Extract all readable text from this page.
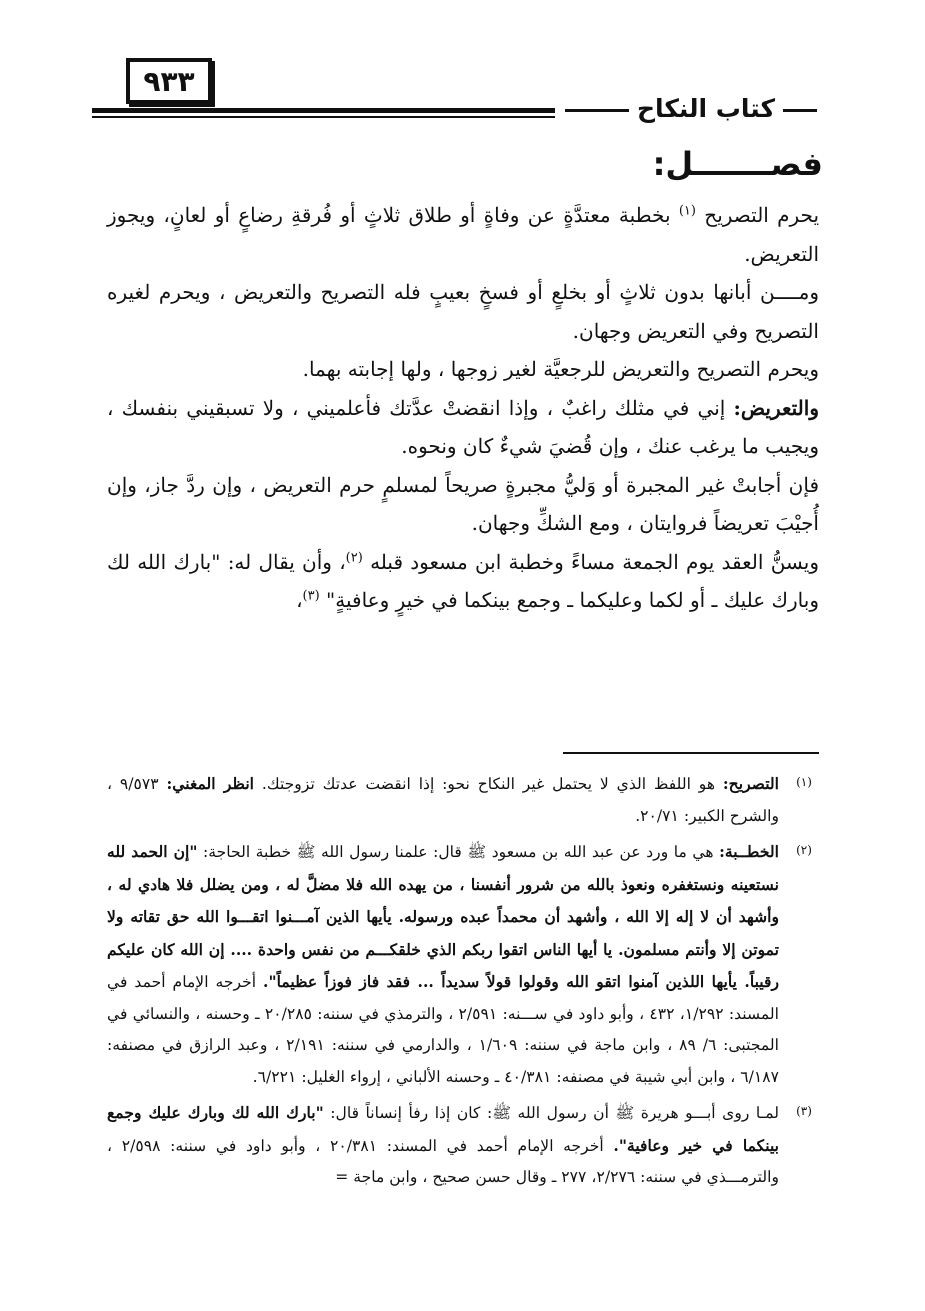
٩٣٣
كتاب النكاح
فصـــــــل:

يحرم التصريح $^{(١)}$ بخطبة معتدَّةٍ عن وفاةٍ أو طلاق ثلاثٍ أو فُرقةِ رضاعٍ أو لعانٍ، ويجوز التعريض.

ومــــن أبانها بدون ثلاثٍ أو بخلعٍ أو فسخٍ بعيبٍ فله التصريح والتعريض ، ويحرم لغيره التصريح وفي التعريض وجهان.

ويحرم التصريح والتعريض للرجعيَّة لغير زوجها ، ولها إجابته بهما.

والتعريض: إني في مثلك راغبٌ ، وإذا انقضتْ عدَّتك فأعلميني ، ولا تسبقيني بنفسك ، ويجيب ما يرغب عنك ، وإن قُضيَ شيءٌ كان ونحوه.

فإن أجابتْ غير المجبرة أو وَليُّ مجبرةٍ صريحاً لمسلمٍ حرم التعريض ، وإن ردَّ جاز، وإن أُجيْبَ تعريضاً فروايتان ، ومع الشكِّ وجهان.

ويسنُّ العقد يوم الجمعة مساءً وخطبة ابن مسعود قبله $^{(٢)}$، وأن يقال له: "بارك الله لك وبارك عليك ـ أو لكما وعليكما ـ وجمع بينكما في خيرٍ وعافيةٍ" $^{(٣)}$،

(١)
التصريح: هو اللفظ الذي لا يحتمل غير النكاح نحو: إذا انقضت عدتك تزوجتك. انظر المغني: ٩/٥٧٣ ، والشرح الكبير: ٢٠/٧١.
(٢)
الخطــبة: هي ما ورد عن عبد الله بن مسعود ﷺ قال: علمنا رسول الله ﷺ خطبة الحاجة: "إن الحمد لله نستعينه ونستغفره ونعوذ بالله من شرور أنفسنا ، من يهده الله فلا مضلَّ له ، ومن يضلل فلا هادي له ، وأشهد أن لا إله إلا الله ، وأشهد أن محمداً عبده ورسوله. يأيها الذين آمـــنوا اتقـــوا الله حق تقاته ولا تموتن إلا وأنتم مسلمون. يا أيها الناس اتقوا ربكم الذي خلقكـــم من نفس واحدة .... إن الله كان عليكم رقيباً. يأيها اللذين آمنوا اتقو الله وقولوا قولاً سديداً ... فقد فاز فوزاً عظيماً". أخرجه الإمام أحمد في المسند: ١/٢٩٢، ٤٣٢ ، وأبو داود في ســـنه: ٢/٥٩١ ، والترمذي في سننه: ٢٠/٢٨٥ ـ وحسنه ، والنسائي في المجتبى: ٦/ ٨٩ ، وابن ماجة في سننه: ١/٦٠٩ ، والدارمي في سننه: ٢/١٩١ ، وعبد الرازق في مصنفه: ٦/١٨٧ ، وابن أبي شيبة في مصنفه: ٤٠/٣٨١ ـ وحسنه الألباني ، إرواء الغليل: ٦/٢٢١.
(٣)
لمـا روى أبـــو هريرة ﷺ أن رسول الله ﷺ: كان إذا رفأ إنساناً قال: "بارك الله لك وبارك عليك وجمع بينكما في خير وعافية". أخرجه الإمام أحمد في المسند: ٢٠/٣٨١ ، وأبو داود في سننه: ٢/٥٩٨ ، والترمـــذي في سننه: ٢/٢٧٦، ٢٧٧ ـ وقال حسن صحيح ، وابن ماجة =
